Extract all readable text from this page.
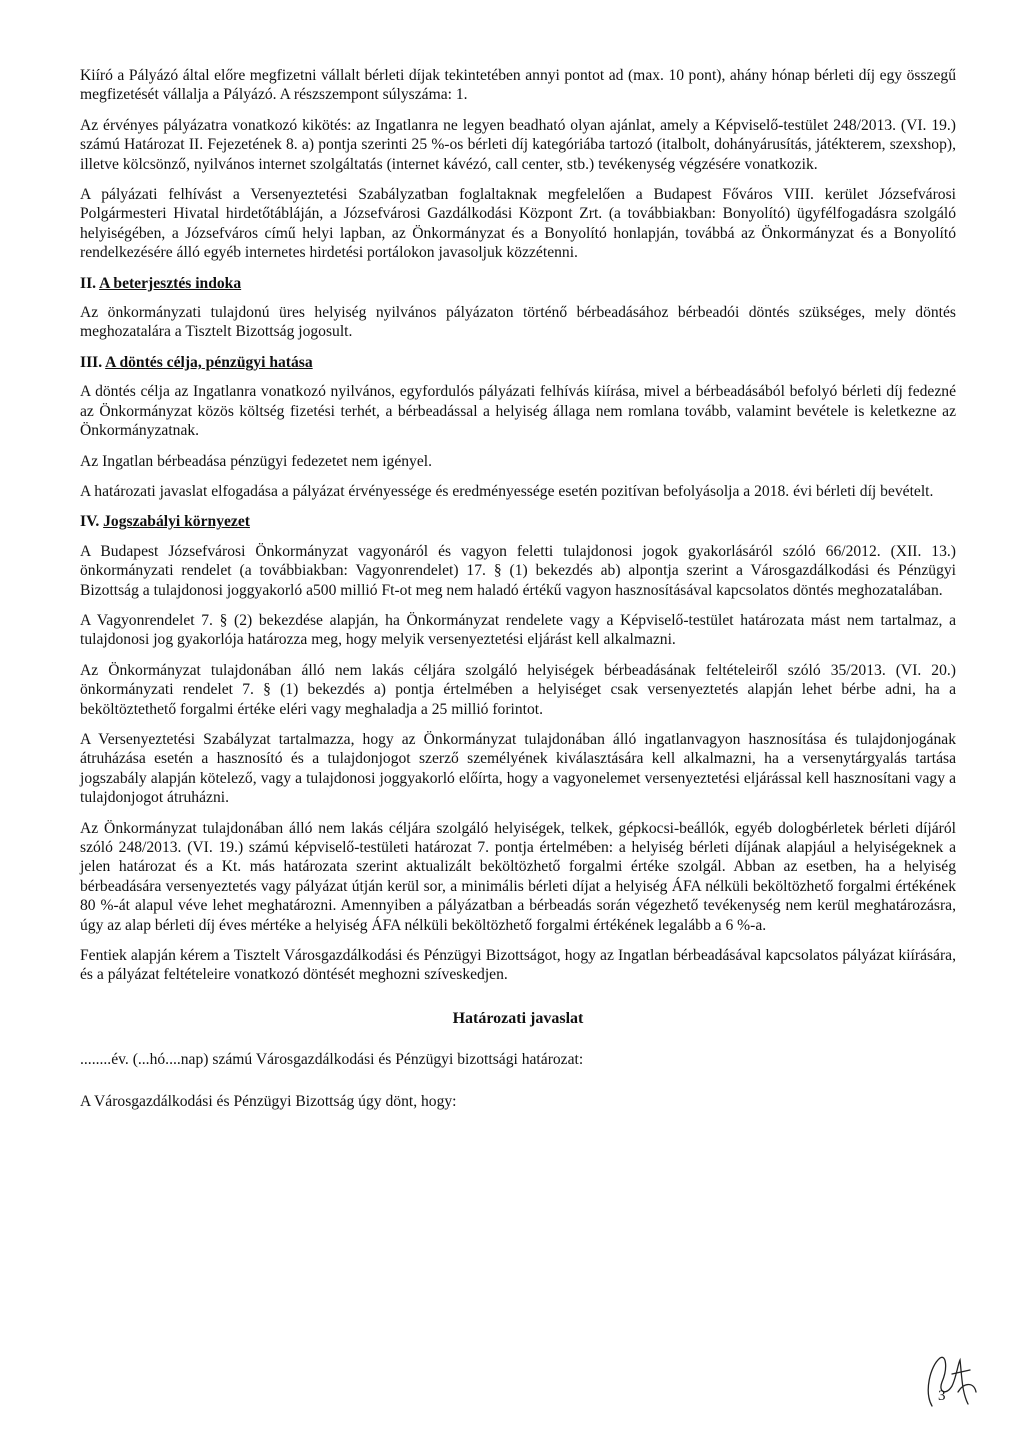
Kiíró a Pályázó által előre megfizetni vállalt bérleti díjak tekintetében annyi pontot ad (max. 10 pont), ahány hónap bérleti díj egy összegű megfizetését vállalja a Pályázó. A részszempont súlyszáma: 1.

Az érvényes pályázatra vonatkozó kikötés: az Ingatlanra ne legyen beadható olyan ajánlat, amely a Képviselő-testület 248/2013. (VI. 19.) számú Határozat II. Fejezetének 8. a) pontja szerinti 25 %-os bérleti díj kategóriába tartozó (italbolt, dohányárusítás, játékterem, szexshop), illetve kölcsönző, nyilvános internet szolgáltatás (internet kávézó, call center, stb.) tevékenység végzésére vonatkozik.

A pályázati felhívást a Versenyeztetési Szabályzatban foglaltaknak megfelelően a Budapest Főváros VIII. kerület Józsefvárosi Polgármesteri Hivatal hirdetőtábláján, a Józsefvárosi Gazdálkodási Központ Zrt. (a továbbiakban: Bonyolító) ügyfélfogadásra szolgáló helyiségében, a Józsefváros című helyi lapban, az Önkormányzat és a Bonyolító honlapján, továbbá az Önkormányzat és a Bonyolító rendelkezésére álló egyéb internetes hirdetési portálokon javasoljuk közzétenni.

II. A beterjesztés indoka

Az önkormányzati tulajdonú üres helyiség nyilvános pályázaton történő bérbeadásához bérbeadói döntés szükséges, mely döntés meghozatalára a Tisztelt Bizottság jogosult.

III. A döntés célja, pénzügyi hatása

A döntés célja az Ingatlanra vonatkozó nyilvános, egyfordulós pályázati felhívás kiírása, mivel a bérbeadásából befolyó bérleti díj fedezné az Önkormányzat közös költség fizetési terhét, a bérbeadással a helyiség állaga nem romlana tovább, valamint bevétele is keletkezne az Önkormányzatnak.

Az Ingatlan bérbeadása pénzügyi fedezetet nem igényel.

A határozati javaslat elfogadása a pályázat érvényessége és eredményessége esetén pozitívan befolyásolja a 2018. évi bérleti díj bevételt.

IV. Jogszabályi környezet

A Budapest Józsefvárosi Önkormányzat vagyonáról és vagyon feletti tulajdonosi jogok gyakorlásáról szóló 66/2012. (XII. 13.) önkormányzati rendelet (a továbbiakban: Vagyonrendelet) 17. § (1) bekezdés ab) alpontja szerint a Városgazdálkodási és Pénzügyi Bizottság a tulajdonosi joggyakorló a500 millió Ft-ot meg nem haladó értékű vagyon hasznosításával kapcsolatos döntés meghozatalában.

A Vagyonrendelet 7. § (2) bekezdése alapján, ha Önkormányzat rendelete vagy a Képviselő-testület határozata mást nem tartalmaz, a tulajdonosi jog gyakorlója határozza meg, hogy melyik versenyeztetési eljárást kell alkalmazni.

Az Önkormányzat tulajdonában álló nem lakás céljára szolgáló helyiségek bérbeadásának feltételeiről szóló 35/2013. (VI. 20.) önkormányzati rendelet 7. § (1) bekezdés a) pontja értelmében a helyiséget csak versenyeztetés alapján lehet bérbe adni, ha a beköltöztethető forgalmi értéke eléri vagy meghaladja a 25 millió forintot.

A Versenyeztetési Szabályzat tartalmazza, hogy az Önkormányzat tulajdonában álló ingatlanvagyon hasznosítása és tulajdonjogának átruházása esetén a hasznosító és a tulajdonjogot szerző személyének kiválasztására kell alkalmazni, ha a versenytárgyalás tartása jogszabály alapján kötelező, vagy a tulajdonosi joggyakorló előírta, hogy a vagyonelemet versenyeztetési eljárással kell hasznosítani vagy a tulajdonjogot átruházni.

Az Önkormányzat tulajdonában álló nem lakás céljára szolgáló helyiségek, telkek, gépkocsi-beállók, egyéb dologbérletek bérleti díjáról szóló 248/2013. (VI. 19.) számú képviselő-testületi határozat 7. pontja értelmében: a helyiség bérleti díjának alapjául a helyiségeknek a jelen határozat és a Kt. más határozata szerint aktualizált beköltözhető forgalmi értéke szolgál. Abban az esetben, ha a helyiség bérbeadására versenyeztetés vagy pályázat útján kerül sor, a minimális bérleti díjat a helyiség ÁFA nélküli beköltözhető forgalmi értékének 80 %-át alapul véve lehet meghatározni. Amennyiben a pályázatban a bérbeadás során végezhető tevékenység nem kerül meghatározásra, úgy az alap bérleti díj éves mértéke a helyiség ÁFA nélküli beköltözhető forgalmi értékének legalább a 6 %-a.

Fentiek alapján kérem a Tisztelt Városgazdálkodási és Pénzügyi Bizottságot, hogy az Ingatlan bérbeadásával kapcsolatos pályázat kiírására, és a pályázat feltételeire vonatkozó döntését meghozni szíveskedjen.

Határozati javaslat

........év. (...hó....nap) számú Városgazdálkodási és Pénzügyi bizottsági határozat:

A Városgazdálkodási és Pénzügyi Bizottság úgy dönt, hogy:

3
